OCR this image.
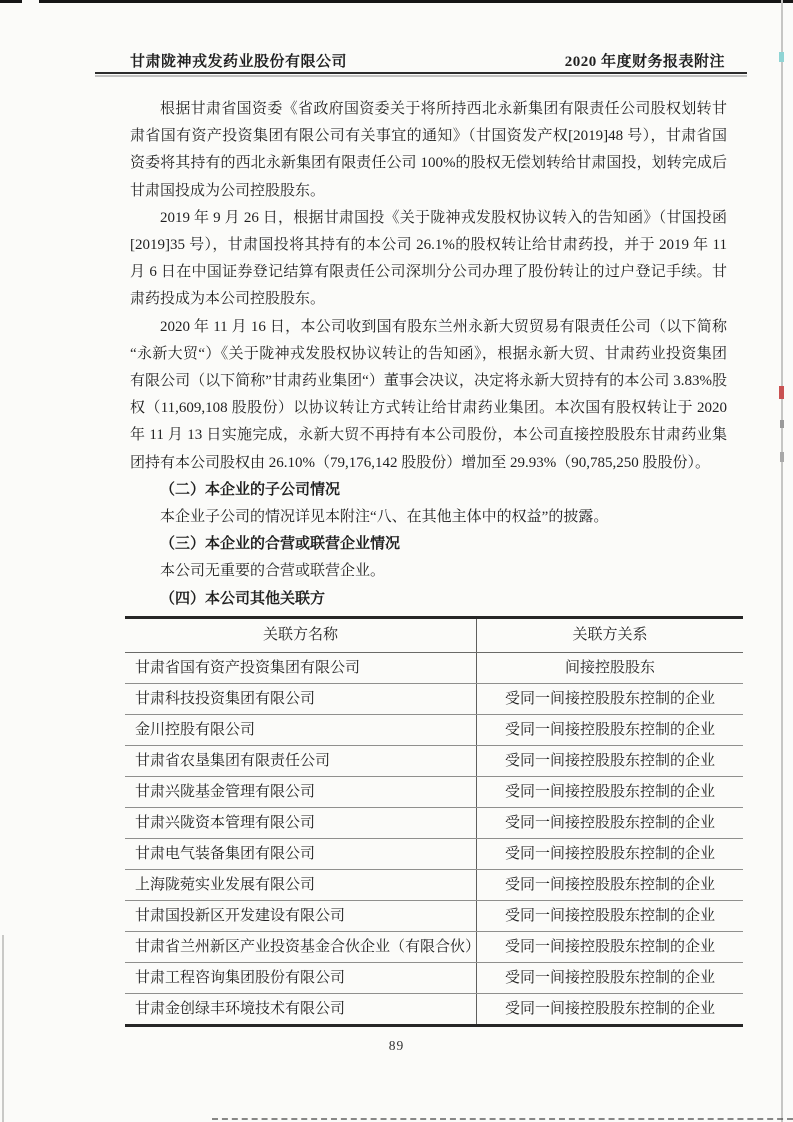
甘肃陇神戎发药业股份有限公司	2020 年度财务报表附注

根据甘肃省国资委《省政府国资委关于将所持西北永新集团有限责任公司股权划转甘肃省国有资产投资集团有限公司有关事宜的通知》（甘国资发产权[2019]48 号），甘肃省国资委将其持有的西北永新集团有限责任公司 100%的股权无偿划转给甘肃国投，划转完成后甘肃国投成为公司控股股东。

2019 年 9 月 26 日，根据甘肃国投《关于陇神戎发股权协议转入的告知函》（甘国投函[2019]35 号），甘肃国投将其持有的本公司 26.1%的股权转让给甘肃药投，并于 2019 年 11 月 6 日在中国证券登记结算有限责任公司深圳分公司办理了股份转让的过户登记手续。甘肃药投成为本公司控股股东。

2020 年 11 月 16 日，本公司收到国有股东兰州永新大贸贸易有限责任公司（以下简称“永新大贸“）《关于陇神戎发股权协议转让的告知函》，根据永新大贸、甘肃药业投资集团有限公司（以下简称”甘肃药业集团“）董事会决议，决定将永新大贸持有的本公司 3.83%股权（11,609,108 股股份）以协议转让方式转让给甘肃药业集团。本次国有股权转让于 2020 年 11 月 13 日实施完成，永新大贸不再持有本公司股份，本公司直接控股股东甘肃药业集团持有本公司股权由 26.10%（79,176,142 股股份）增加至 29.93%（90,785,250 股股份）。

（二）本企业的子公司情况

本企业子公司的情况详见本附注“八、在其他主体中的权益”的披露。

（三）本企业的合营或联营企业情况

本公司无重要的合营或联营企业。

（四）本公司其他关联方

关联方名称	关联方关系
甘肃省国有资产投资集团有限公司	间接控股股东
甘肃科技投资集团有限公司	受同一间接控股股东控制的企业
金川控股有限公司	受同一间接控股股东控制的企业
甘肃省农垦集团有限责任公司	受同一间接控股股东控制的企业
甘肃兴陇基金管理有限公司	受同一间接控股股东控制的企业
甘肃兴陇资本管理有限公司	受同一间接控股股东控制的企业
甘肃电气装备集团有限公司	受同一间接控股股东控制的企业
上海陇菀实业发展有限公司	受同一间接控股股东控制的企业
甘肃国投新区开发建设有限公司	受同一间接控股股东控制的企业
甘肃省兰州新区产业投资基金合伙企业（有限合伙）	受同一间接控股股东控制的企业
甘肃工程咨询集团股份有限公司	受同一间接控股股东控制的企业
甘肃金创绿丰环境技术有限公司	受同一间接控股股东控制的企业
89
